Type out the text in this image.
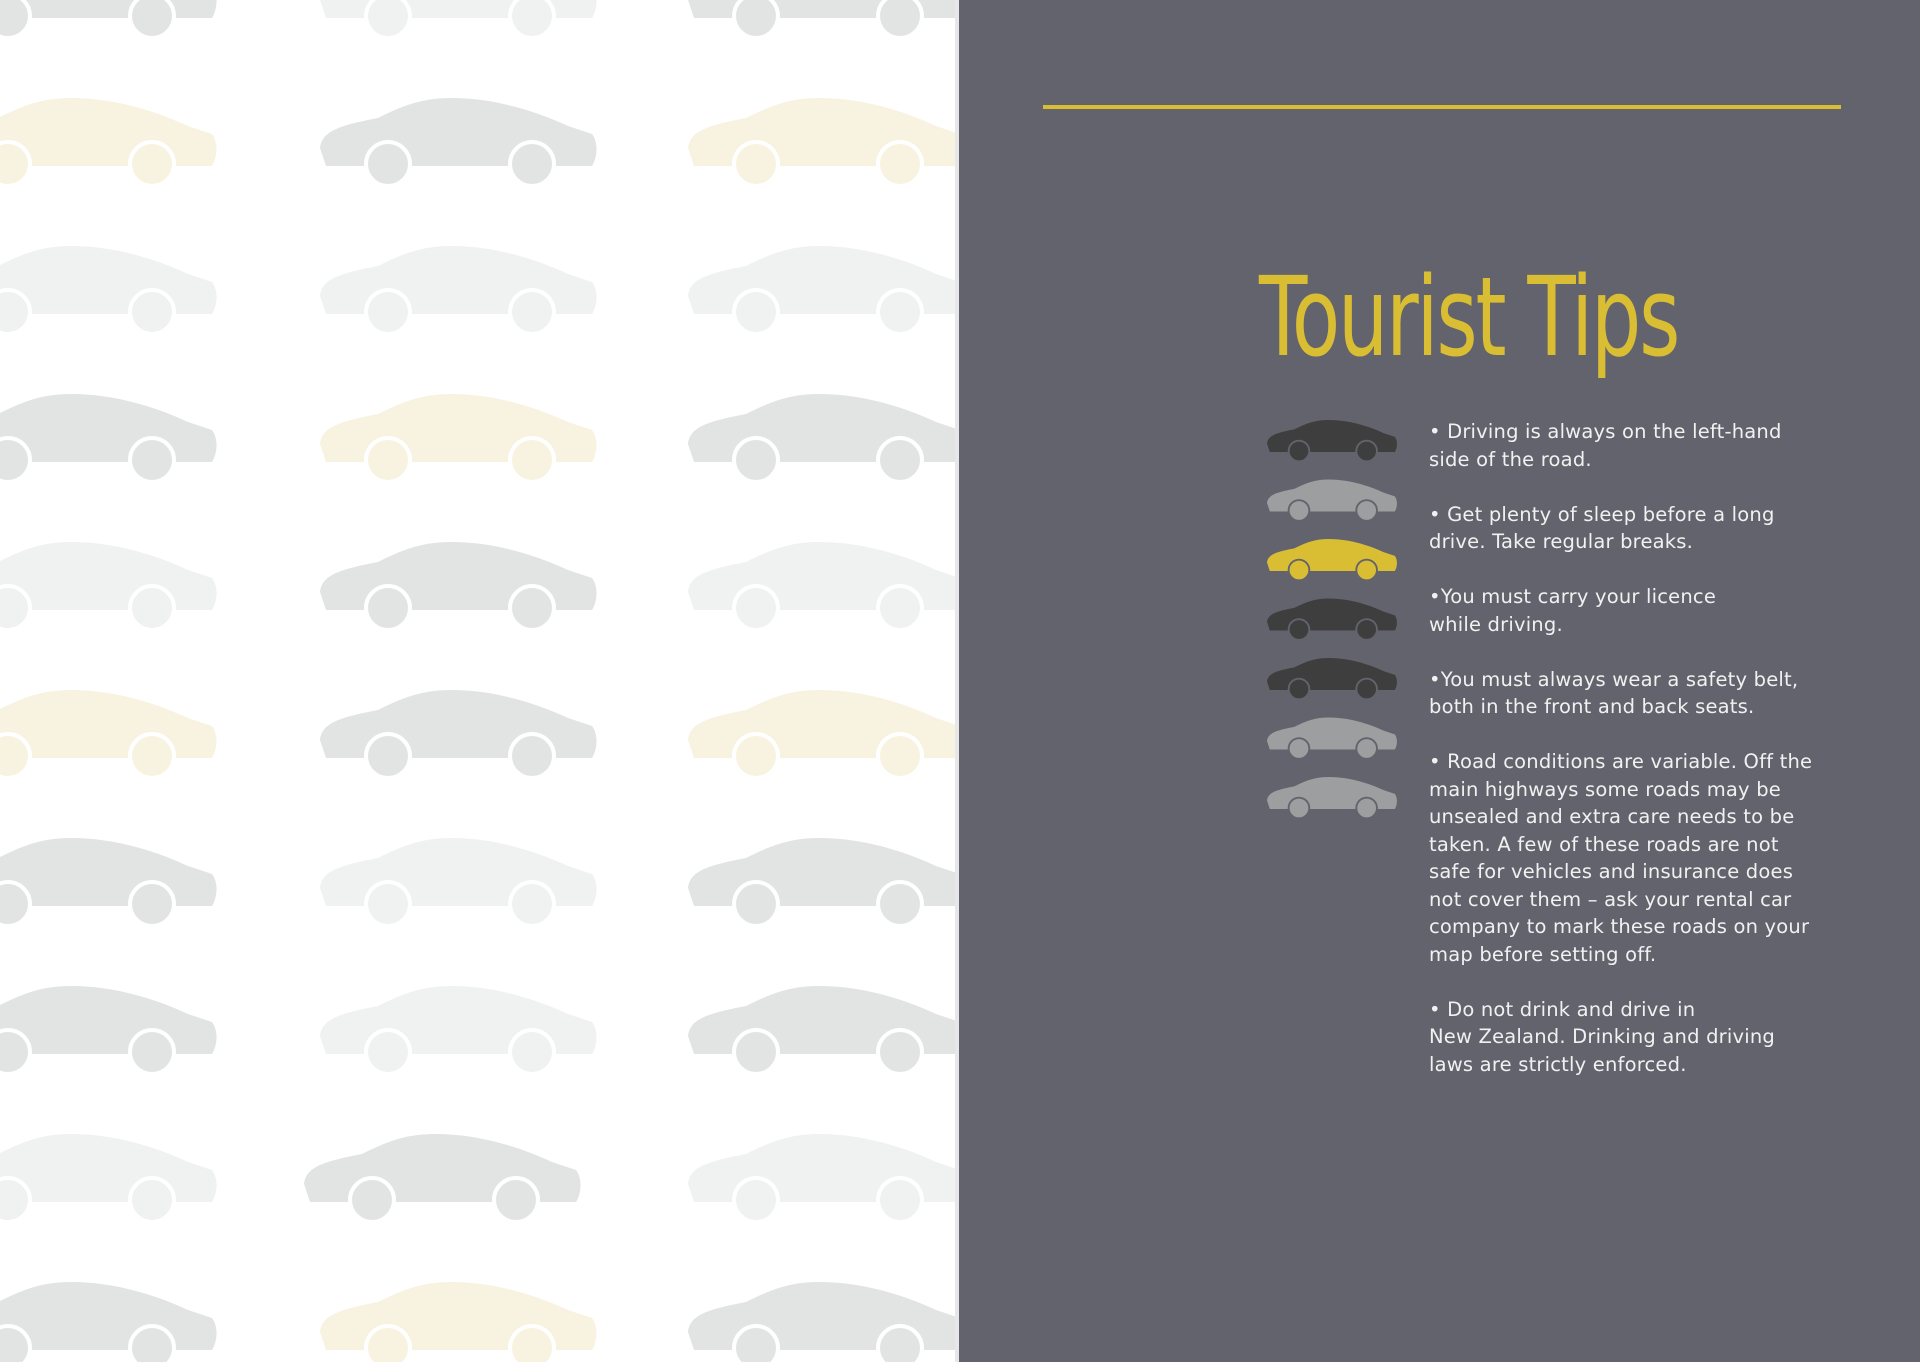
Tourist Tips
• Driving is always on the left-hand
side of the road.
• Get plenty of sleep before a long
drive. Take regular breaks.
•You must carry your licence
while driving.
•You must always wear a safety belt,
both in the front and back seats.
• Road conditions are variable. Off the
main highways some roads may be
unsealed and extra care needs to be
taken. A few of these roads are not
safe for vehicles and insurance does
not cover them – ask your rental car
company to mark these roads on your
map before setting off.
• Do not drink and drive in
New Zealand. Drinking and driving
laws are strictly enforced.
